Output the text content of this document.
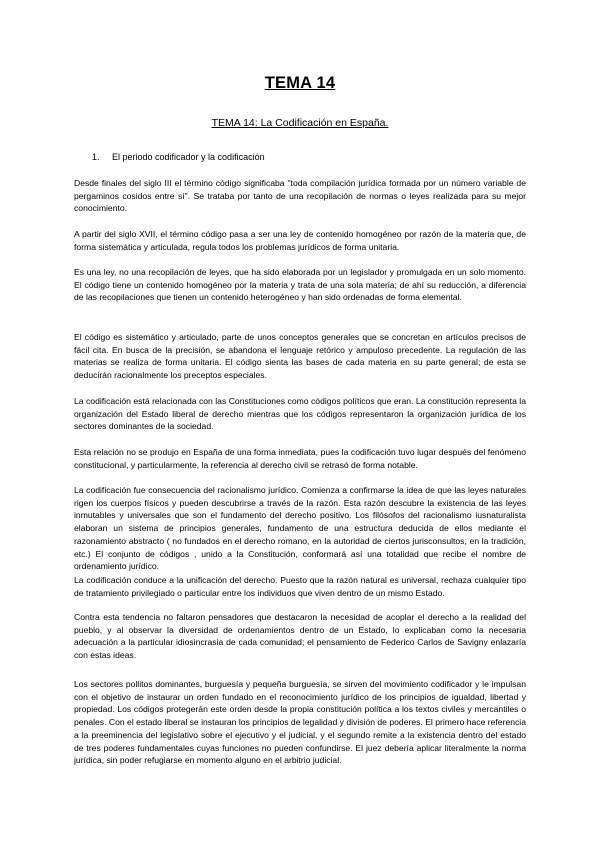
TEMA 14
TEMA 14: La Codificación en España.
1. El periodo codificador y la codificación

Desde finales del siglo III el término código significaba "toda compilación jurídica formada por un número variable de pergaminos cosidos entre sí". Se trataba por tanto de una recopilación de normas o leyes realizada para su mejor conocimiento.

A partir del siglo XVII, el término código pasa a ser una ley de contenido homogéneo por razón de la materia que, de forma sistemática y articulada, regula todos los problemas jurídicos de forma unitaria.

Es una ley, no una recopilación de leyes, que ha sido elaborada por un legislador y promulgada en un solo momento. El código tiene un contenido homogéneo por la materia y trata de una sola materia; de ahí su reducción, a diferencia de las recopilaciones que tienen un contenido heterogéneo y han sido ordenadas de forma elemental.

El código es sistemático y articulado, parte de unos conceptos generales que se concretan en artículos precisos de fácil cita. En busca de la precisión, se abandona el lenguaje retórico y ampuloso precedente. La regulación de las materias se realiza de forma unitaria. El código sienta las bases de cada materia en su parte general; de esta se deducirán racionalmente los preceptos especiales.

La codificación está relacionada con las Constituciones como códigos políticos que eran. La constitución representa la organización del Estado liberal de derecho mientras que los códigos representaron la organización jurídica de los sectores dominantes de la sociedad.

Esta relación no se produjo en España de una forma inmediata, pues la codificación tuvo lugar después del fenómeno constitucional, y particularmente, la referencia al derecho civil se retrasó de forma notable.

La codificación fue consecuencia del racionalismo jurídico. Comienza a confirmarse la idea de que las leyes naturales rigen los cuerpos físicos y pueden descubrirse a través de la razón. Esta razón descubre la existencia de las leyes inmutables y universales que son el fundamento del derecho positivo. Los filósofos del racionalismo iusnaturalista elaboran un sistema de principios generales, fundamento de una estructura deducida de ellos mediante el razonamiento abstracto ( no fundados en el derecho romano, en la autoridad de ciertos jurisconsultos, en la tradición, etc.) El conjunto de códigos , unido a la Constitución, conformará así una totalidad que recibe el nombre de ordenamiento jurídico.

La codificación conduce a la unificación del derecho. Puesto que la razón natural es universal, rechaza cualquier tipo de tratamiento privilegiado o particular entre los individuos que viven dentro de un mismo Estado.

Contra esta tendencia no faltaron pensadores que destacaron la necesidad de acoplar el derecho a la realidad del pueblo, y al observar la diversidad de ordenamientos dentro de un Estado, lo explicaban como la necesaria adecuación a la particular idiosincrasia de cada comunidad; el pensamiento de Federico Carlos de Savigny enlazaría con estas ideas.

Los sectores pollitos dominantes, burguesía y pequeña burguesía, se sirven del movimiento codificador y le impulsan con el objetivo de instaurar un orden fundado en el reconocimiento jurídico de los principios de igualdad, libertad y propiedad. Los códigos protegerán este orden desde la propia constitución política a los textos civiles y mercantiles o penales. Con el estado liberal se instauran los principios de legalidad y división de poderes. El primero hace referencia a la preeminencia del legislativo sobre el ejecutivo y el judicial, y el segundo remite a la existencia dentro del estado de tres poderes fundamentales cuyas funciones no pueden confundirse. El juez debería aplicar literalmente la norma jurídica, sin poder refugiarse en momento alguno en el arbitrio judicial.
